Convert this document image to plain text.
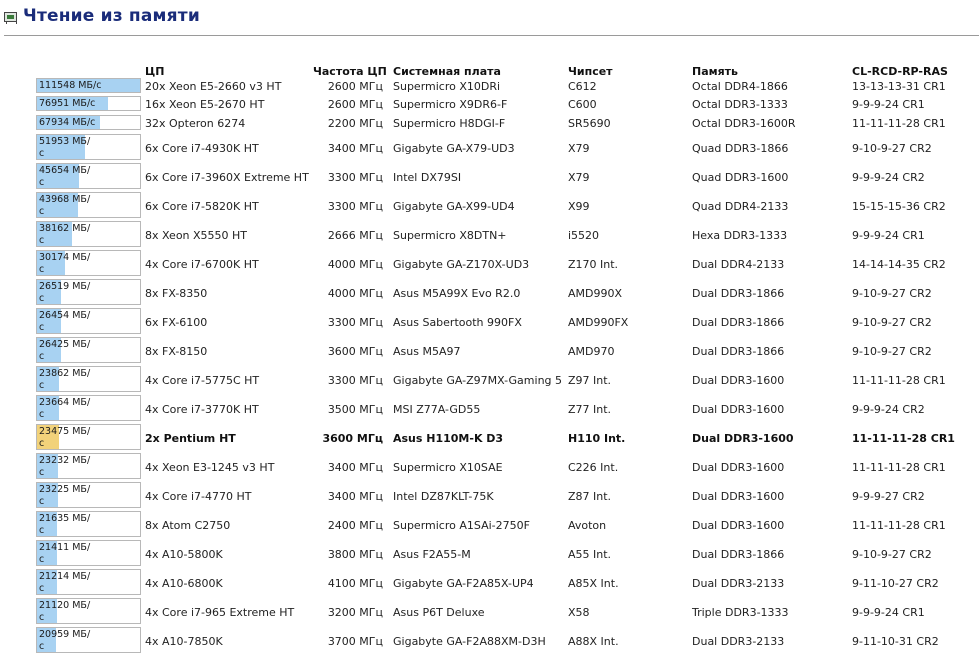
Чтение из памяти
ЦП	Частота ЦП Системная плата	Чипсет	Память	CL-RCD-RP-RAS
111548 МБ/с	20x Xeon E5-2660 v3 HT	2600 МГц Supermicro X10DRi	C612	Octal DDR4-1866	13-13-13-31 CR1
76951 МБ/с	16x Xeon E5-2670 HT	2600 МГц Supermicro X9DR6-F	C600	Octal DDR3-1333	9-9-9-24 CR1
67934 МБ/с	32x Opteron 6274	2200 МГц Supermicro H8DGI-F	SR5690	Octal DDR3-1600R	11-11-11-28 CR1
51953 МБ/с	6x Core i7-4930K HT	3400 МГц Gigabyte GA-X79-UD3	X79	Quad DDR3-1866	9-10-9-27 CR2
45654 МБ/с	6x Core i7-3960X Extreme HT	3300 МГц Intel DX79SI	X79	Quad DDR3-1600	9-9-9-24 CR2
43968 МБ/с	6x Core i7-5820K HT	3300 МГц Gigabyte GA-X99-UD4	X99	Quad DDR4-2133	15-15-15-36 CR2
38162 МБ/с	8x Xeon X5550 HT	2666 МГц Supermicro X8DTN+	i5520	Hexa DDR3-1333	9-9-9-24 CR1
30174 МБ/с	4x Core i7-6700K HT	4000 МГц Gigabyte GA-Z170X-UD3	Z170 Int.	Dual DDR4-2133	14-14-14-35 CR2
26519 МБ/с	8x FX-8350	4000 МГц Asus M5A99X Evo R2.0	AMD990X	Dual DDR3-1866	9-10-9-27 CR2
26454 МБ/с	6x FX-6100	3300 МГц Asus Sabertooth 990FX	AMD990FX	Dual DDR3-1866	9-10-9-27 CR2
26425 МБ/с	8x FX-8150	3600 МГц Asus M5A97	AMD970	Dual DDR3-1866	9-10-9-27 CR2
23862 МБ/с	4x Core i7-5775C HT	3300 МГц Gigabyte GA-Z97MX-Gaming 5 Z97 Int.	Dual DDR3-1600	11-11-11-28 CR1
23664 МБ/с	4x Core i7-3770K HT	3500 МГц MSI Z77A-GD55	Z77 Int.	Dual DDR3-1600	9-9-9-24 CR2
23475 МБ/с	2x Pentium HT	3600 МГц Asus H110M-K D3	H110 Int.	Dual DDR3-1600	11-11-11-28 CR1
23232 МБ/с	4x Xeon E3-1245 v3 HT	3400 МГц Supermicro X10SAE	C226 Int.	Dual DDR3-1600	11-11-11-28 CR1
23225 МБ/с	4x Core i7-4770 HT	3400 МГц Intel DZ87KLT-75K	Z87 Int.	Dual DDR3-1600	9-9-9-27 CR2
21635 МБ/с	8x Atom C2750	2400 МГц Supermicro A1SAi-2750F	Avoton	Dual DDR3-1600	11-11-11-28 CR1
21411 МБ/с	4x A10-5800K	3800 МГц Asus F2A55-M	A55 Int.	Dual DDR3-1866	9-10-9-27 CR2
21214 МБ/с	4x A10-6800K	4100 МГц Gigabyte GA-F2A85X-UP4	A85X Int.	Dual DDR3-2133	9-11-10-27 CR2
21120 МБ/с	4x Core i7-965 Extreme HT	3200 МГц Asus P6T Deluxe	X58	Triple DDR3-1333	9-9-9-24 CR1
20959 МБ/с	4x A10-7850K	3700 МГц Gigabyte GA-F2A88XM-D3H A88X Int.	Dual DDR3-2133	9-11-10-31 CR2
